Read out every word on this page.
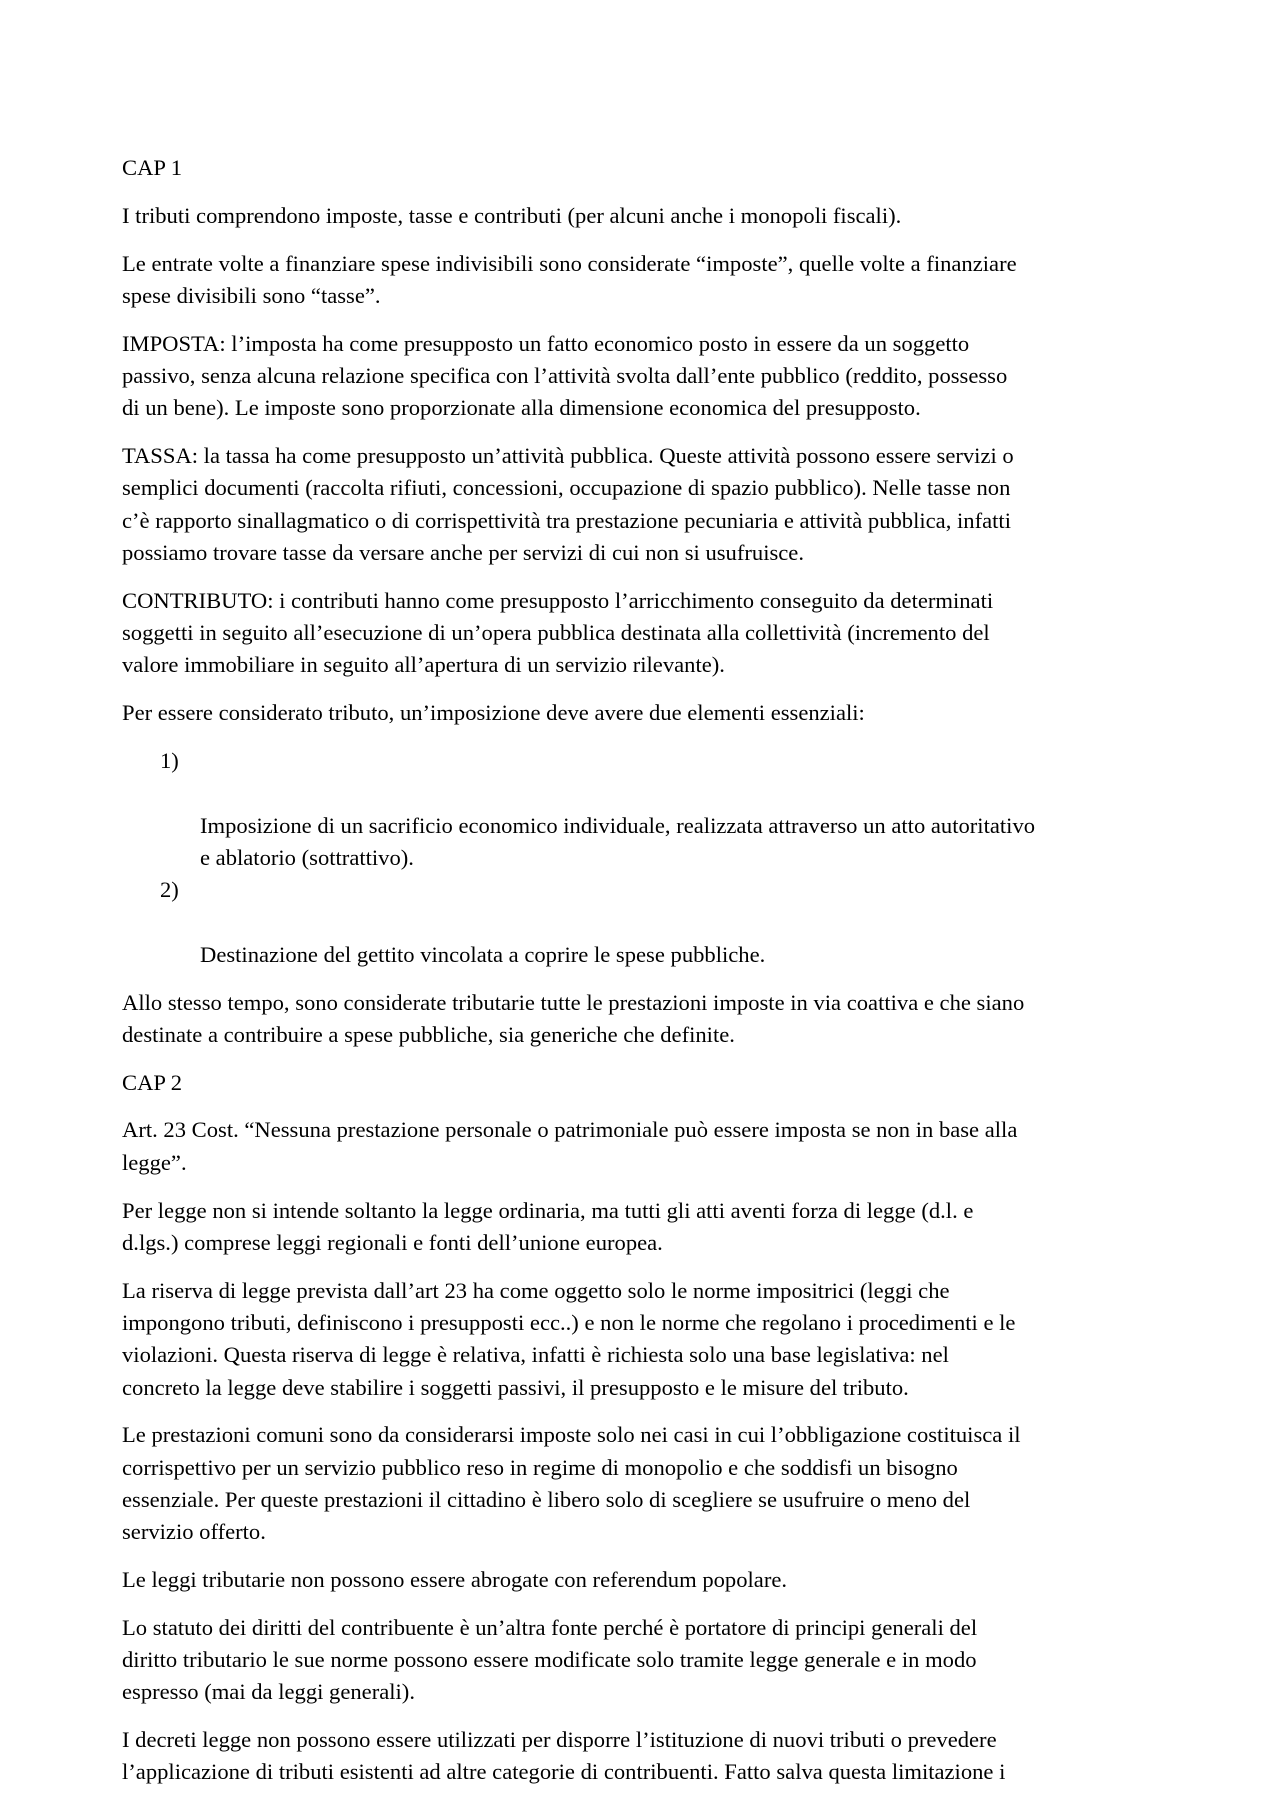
CAP 1

I tributi comprendono imposte, tasse e contributi (per alcuni anche i monopoli fiscali).

Le entrate volte a finanziare spese indivisibili sono considerate “imposte”, quelle volte a finanziare
spese divisibili sono “tasse”.

IMPOSTA: l’imposta ha come presupposto un fatto economico posto in essere da un soggetto
passivo, senza alcuna relazione specifica con l’attività svolta dall’ente pubblico (reddito, possesso
di un bene). Le imposte sono proporzionate alla dimensione economica del presupposto.

TASSA: la tassa ha come presupposto un’attività pubblica. Queste attività possono essere servizi o
semplici documenti (raccolta rifiuti, concessioni, occupazione di spazio pubblico). Nelle tasse non
c’è rapporto sinallagmatico o di corrispettività tra prestazione pecuniaria e attività pubblica, infatti
possiamo trovare tasse da versare anche per servizi di cui non si usufruisce.

CONTRIBUTO: i contributi hanno come presupposto l’arricchimento conseguito da determinati
soggetti in seguito all’esecuzione di un’opera pubblica destinata alla collettività (incremento del
valore immobiliare in seguito all’apertura di un servizio rilevante).

Per essere considerato tributo, un’imposizione deve avere due elementi essenziali:

1)

Imposizione di un sacrificio economico individuale, realizzata attraverso un atto autoritativo
e ablatorio (sottrattivo).

2)

Destinazione del gettito vincolata a coprire le spese pubbliche.

Allo stesso tempo, sono considerate tributarie tutte le prestazioni imposte in via coattiva e che siano
destinate a contribuire a spese pubbliche, sia generiche che definite.

CAP 2

Art. 23 Cost. “Nessuna prestazione personale o patrimoniale può essere imposta se non in base alla
legge”.

Per legge non si intende soltanto la legge ordinaria, ma tutti gli atti aventi forza di legge (d.l. e
d.lgs.) comprese leggi regionali e fonti dell’unione europea.

La riserva di legge prevista dall’art 23 ha come oggetto solo le norme impositrici (leggi che
impongono tributi, definiscono i presupposti ecc..) e non le norme che regolano i procedimenti e le
violazioni. Questa riserva di legge è relativa, infatti è richiesta solo una base legislativa: nel
concreto la legge deve stabilire i soggetti passivi, il presupposto e le misure del tributo.

Le prestazioni comuni sono da considerarsi imposte solo nei casi in cui l’obbligazione costituisca il
corrispettivo per un servizio pubblico reso in regime di monopolio e che soddisfi un bisogno
essenziale. Per queste prestazioni il cittadino è libero solo di scegliere se usufruire o meno del
servizio offerto.

Le leggi tributarie non possono essere abrogate con referendum popolare.

Lo statuto dei diritti del contribuente è un’altra fonte perché è portatore di principi generali del
diritto tributario le sue norme possono essere modificate solo tramite legge generale e in modo
espresso (mai da leggi generali).

I decreti legge non possono essere utilizzati per disporre l’istituzione di nuovi tributi o prevedere
l’applicazione di tributi esistenti ad altre categorie di contribuenti. Fatto salva questa limitazione i
